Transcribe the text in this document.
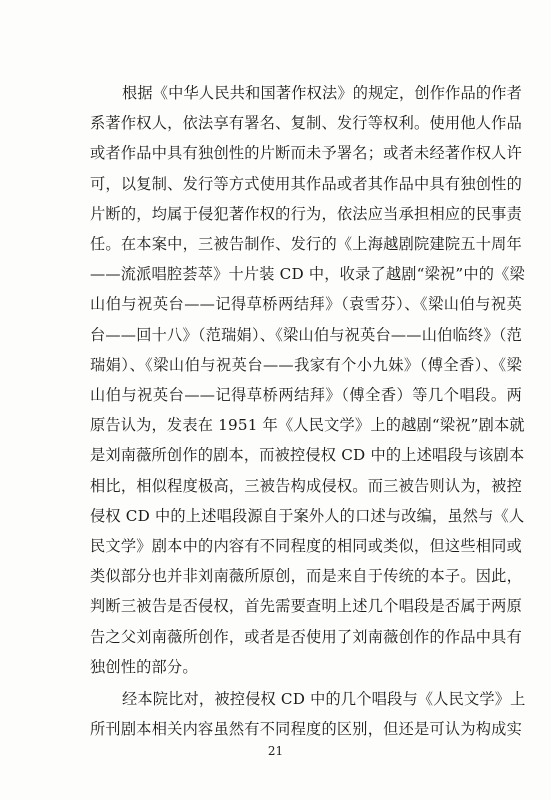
根据《中华人民共和国著作权法》的规定，创作作品的作者
系著作权人，依法享有署名、复制、发行等权利。使用他人作品
或者作品中具有独创性的片断而未予署名；或者未经著作权人许
可，以复制、发行等方式使用其作品或者其作品中具有独创性的
片断的，均属于侵犯著作权的行为，依法应当承担相应的民事责
任。在本案中，三被告制作、发行的《上海越剧院建院五十周年
——流派唱腔荟萃》十片装 CD 中，收录了越剧“梁祝”中的《梁
山伯与祝英台——记得草桥两结拜》（袁雪芬）、《梁山伯与祝英
台——回十八》（范瑞娟）、《梁山伯与祝英台——山伯临终》（范
瑞娟）、《梁山伯与祝英台——我家有个小九妹》（傅全香）、《梁
山伯与祝英台——记得草桥两结拜》（傅全香）等几个唱段。两
原告认为，发表在 1951 年《人民文学》上的越剧“梁祝”剧本就
是刘南薇所创作的剧本，而被控侵权 CD 中的上述唱段与该剧本
相比，相似程度极高，三被告构成侵权。而三被告则认为，被控
侵权 CD 中的上述唱段源自于案外人的口述与改编，虽然与《人
民文学》剧本中的内容有不同程度的相同或类似，但这些相同或
类似部分也并非刘南薇所原创，而是来自于传统的本子。因此，
判断三被告是否侵权，首先需要查明上述几个唱段是否属于两原
告之父刘南薇所创作，或者是否使用了刘南薇创作的作品中具有
独创性的部分。
经本院比对，被控侵权 CD 中的几个唱段与《人民文学》上
所刊剧本相关内容虽然有不同程度的区别，但还是可认为构成实
21
